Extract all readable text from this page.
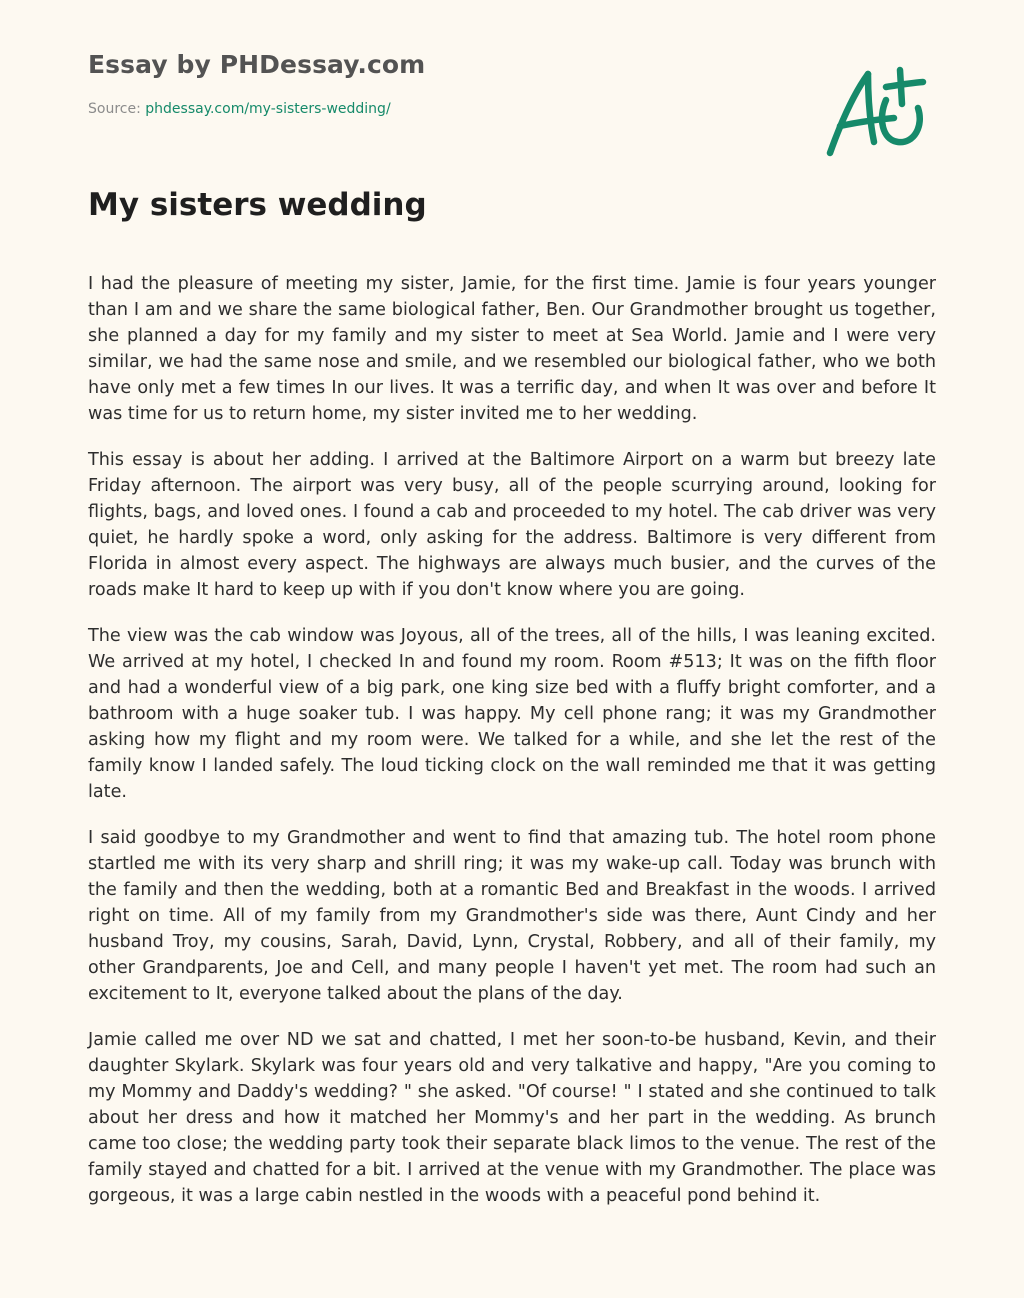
Essay by PHDessay.com
Source: phdessay.com/my-sisters-wedding/
My sisters wedding

I had the pleasure of meeting my sister, Jamie, for the first time. Jamie is four years younger than I am and we share the same biological father, Ben. Our Grandmother brought us together, she planned a day for my family and my sister to meet at Sea World. Jamie and I were very similar, we had the same nose and smile, and we resembled our biological father, who we both have only met a few times In our lives. It was a terrific day, and when It was over and before It was time for us to return home, my sister invited me to her wedding.

This essay is about her adding. I arrived at the Baltimore Airport on a warm but breezy late Friday afternoon. The airport was very busy, all of the people scurrying around, looking for flights, bags, and loved ones. I found a cab and proceeded to my hotel. The cab driver was very quiet, he hardly spoke a word, only asking for the address. Baltimore is very different from Florida in almost every aspect. The highways are always much busier, and the curves of the roads make It hard to keep up with if you don't know where you are going.

The view was the cab window was Joyous, all of the trees, all of the hills, I was leaning excited. We arrived at my hotel, I checked In and found my room. Room #513; It was on the fifth floor and had a wonderful view of a big park, one king size bed with a fluffy bright comforter, and a bathroom with a huge soaker tub. I was happy. My cell phone rang; it was my Grandmother asking how my flight and my room were. We talked for a while, and she let the rest of the family know I landed safely. The loud ticking clock on the wall reminded me that it was getting late.

I said goodbye to my Grandmother and went to find that amazing tub. The hotel room phone startled me with its very sharp and shrill ring; it was my wake-up call. Today was brunch with the family and then the wedding, both at a romantic Bed and Breakfast in the woods. I arrived right on time. All of my family from my Grandmother's side was there, Aunt Cindy and her husband Troy, my cousins, Sarah, David, Lynn, Crystal, Robbery, and all of their family, my other Grandparents, Joe and Cell, and many people I haven't yet met. The room had such an excitement to It, everyone talked about the plans of the day.

Jamie called me over ND we sat and chatted, I met her soon-to-be husband, Kevin, and their daughter Skylark. Skylark was four years old and very talkative and happy, "Are you coming to my Mommy and Daddy's wedding? " she asked. "Of course! " I stated and she continued to talk about her dress and how it matched her Mommy's and her part in the wedding. As brunch came too close; the wedding party took their separate black limos to the venue. The rest of the family stayed and chatted for a bit. I arrived at the venue with my Grandmother. The place was gorgeous, it was a large cabin nestled in the woods with a peaceful pond behind it.
